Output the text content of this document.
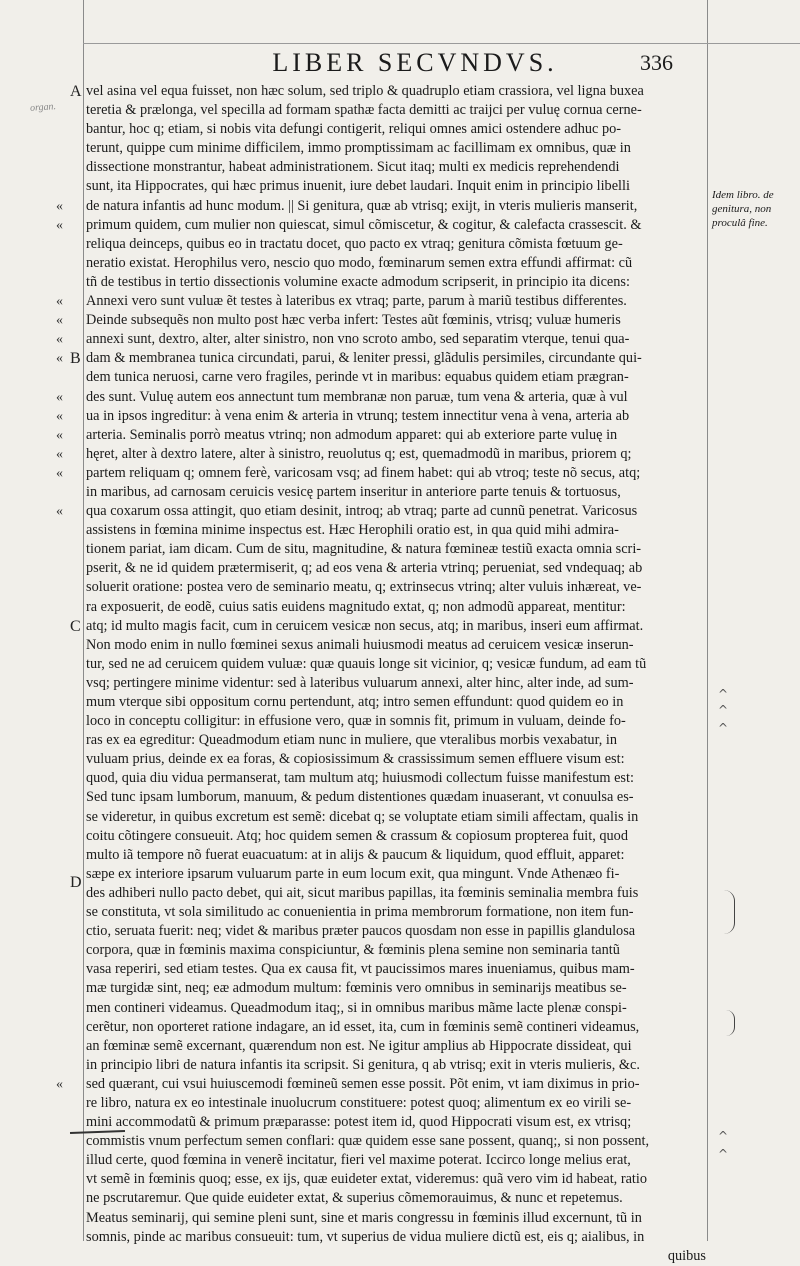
LIBER SECVNDVS.	336
organ.
A
B
C
D
«
«
«
«
«
«
«
«
«
«
«
«
«
Idem libro. de
genitura, non
proculâ fine.
^
^
^
^
^
vel asina vel equa fuisset, non hæc solum, sed triplo & quadruplo etiam crassiora, vel ligna buxea
teretia & prælonga, vel specilla ad formam spathæ facta demitti ac traijci per vuluę cornua cerne-
bantur, hoc q; etiam, si nobis vita defungi contigerit, reliqui omnes amici ostendere adhuc po-
terunt, quippe cum minime difficilem, immo promptissimam ac facillimam ex omnibus, quæ in
dissectione monstrantur, habeat administrationem. Sicut itaq; multi ex medicis reprehendendi
sunt, ita Hippocrates, qui hæc primus inuenit, iure debet laudari. Inquit enim in principio libelli
de natura infantis ad hunc modum. || Si genitura, quæ ab vtrisq; exijt, in vteris mulieris manserit,
primum quidem, cum mulier non quiescat, simul cõmiscetur, & cogitur, & calefacta crassescit. &
reliqua deinceps, quibus eo in tractatu docet, quo pacto ex vtraq; genitura cõmista fœtuum ge-
neratio existat. Herophilus vero, nescio quo modo, fœminarum semen extra effundi affirmat: cũ
tñ de testibus in tertio dissectionis volumine exacte admodum scripserit, in principio ita dicens:
Annexi vero sunt vuluæ ẽt testes à lateribus ex vtraq; parte, parum à mariũ testibus differentes.
Deinde subsequẽs non multo post hæc verba infert: Testes aũt fœminis, vtrisq; vuluæ humeris
annexi sunt, dextro, alter, alter sinistro, non vno scroto ambo, sed separatim vterque, tenui qua-
dam & membranea tunica circundati, parui, & leniter pressi, glãdulis persimiles, circundante qui-
dem tunica neruosi, carne vero fragiles, perinde vt in maribus: equabus quidem etiam prægran-
des sunt. Vuluę autem eos annectunt tum membranæ non paruæ, tum vena & arteria, quæ à vul
ua in ipsos ingreditur: à vena enim & arteria in vtrunq; testem innectitur vena à vena, arteria ab
arteria. Seminalis porrò meatus vtrinq; non admodum apparet: qui ab exteriore parte vuluę in
hęret, alter à dextro latere, alter à sinistro, reuolutus q; est, quemadmodũ in maribus, priorem q;
partem reliquam q; omnem ferè, varicosam vsq; ad finem habet: qui ab vtroq; teste nõ secus, atq;
in maribus, ad carnosam ceruicis vesicę partem inseritur in anteriore parte tenuis & tortuosus,
qua coxarum ossa attingit, quo etiam desinit, introq; ab vtraq; parte ad cunnũ penetrat. Varicosus
assistens in fœmina minime inspectus est. Hæc Herophili oratio est, in qua quid mihi admira-
tionem pariat, iam dicam. Cum de situ, magnitudine, & natura fœmineæ testiũ exacta omnia scri-
pserit, & ne id quidem prætermiserit, q; ad eos vena & arteria vtrinq; perueniat, sed vndequaq; ab
soluerit oratione: postea vero de seminario meatu, q; extrinsecus vtrinq; alter vuluis inhæreat, ve-
ra exposuerit, de eodẽ, cuius satis euidens magnitudo extat, q; non admodũ appareat, mentitur:
atq; id multo magis facit, cum in ceruicem vesicæ non secus, atq; in maribus, inseri eum affirmat.
Non modo enim in nullo fœminei sexus animali huiusmodi meatus ad ceruicem vesicæ inserun-
tur, sed ne ad ceruicem quidem vuluæ: quæ quauis longe sit vicinior, q; vesicæ fundum, ad eam tũ
vsq; pertingere minime videntur: sed à lateribus vuluarum annexi, alter hinc, alter inde, ad sum-
mum vterque sibi oppositum cornu pertendunt, atq; intro semen effundunt: quod quidem eo in
loco in conceptu colligitur: in effusione vero, quæ in somnis fit, primum in vuluam, deinde fo-
ras ex ea egreditur: Queadmodum etiam nunc in muliere, que vteralibus morbis vexabatur, in
vuluam prius, deinde ex ea foras, & copiosissimum & crassissimum semen effluere visum est:
quod, quia diu vidua permanserat, tam multum atq; huiusmodi collectum fuisse manifestum est:
Sed tunc ipsam lumborum, manuum, & pedum distentiones quædam inuaserant, vt conuulsa es-
se videretur, in quibus excretum est semẽ: dicebat q; se voluptate etiam simili affectam, qualis in
coitu cõtingere consueuit. Atq; hoc quidem semen & crassum & copiosum propterea fuit, quod
multo iã tempore nõ fuerat euacuatum: at in alijs & paucum & liquidum, quod effluit, apparet:
sæpe ex interiore ipsarum vuluarum parte in eum locum exit, qua mingunt. Vnde Athenæo fi-
des adhiberi nullo pacto debet, qui ait, sicut maribus papillas, ita fœminis seminalia membra fuis
se constituta, vt sola similitudo ac conuenientia in prima membrorum formatione, non item fun-
ctio, seruata fuerit: neq; videt & maribus præter paucos quosdam non esse in papillis glandulosa
corpora, quæ in fœminis maxima conspiciuntur, & fœminis plena semine non seminaria tantũ
vasa reperiri, sed etiam testes. Qua ex causa fit, vt paucissimos mares inueniamus, quibus mam-
mæ turgidæ sint, neq; eæ admodum multum: fœminis vero omnibus in seminarijs meatibus se-
men contineri videamus. Queadmodum itaq;, si in omnibus maribus mãme lacte plenæ conspi-
cerẽtur, non oporteret ratione indagare, an id esset, ita, cum in fœminis semẽ contineri videamus,
an fœminæ semẽ excernant, quærendum non est. Ne igitur amplius ab Hippocrate dissideat, qui
in principio libri de natura infantis ita scripsit. Si genitura, q ab vtrisq; exit in vteris mulieris, &c.
sed quærant, cui vsui huiuscemodi fœmineũ semen esse possit. Põt enim, vt iam diximus in prio-
re libro, natura ex eo intestinale inuolucrum constituere: potest quoq; alimentum ex eo virili se-
mini accommodatũ & primum præparasse: potest item id, quod Hippocrati visum est, ex vtrisq;
commistis vnum perfectum semen conflari: quæ quidem esse sane possent, quanq;, si non possent,
illud certe, quod fœmina in venerẽ incitatur, fieri vel maxime poterat. Iccirco longe melius erat,
vt semẽ in fœminis quoq; esse, ex ijs, quæ euideter extat, videremus: quã vero vim id habeat, ratio
ne pscrutaremur. Que quide euideter extat, & superius cõmemorauimus, & nunc et repetemus.
Meatus seminarij, qui semine pleni sunt, sine et maris congressu in fœminis illud excernunt, tũ in
somnis, pinde ac maribus consueuit: tum, vt superius de vidua muliere dictũ est, eis q; aialibus, in
quibus
